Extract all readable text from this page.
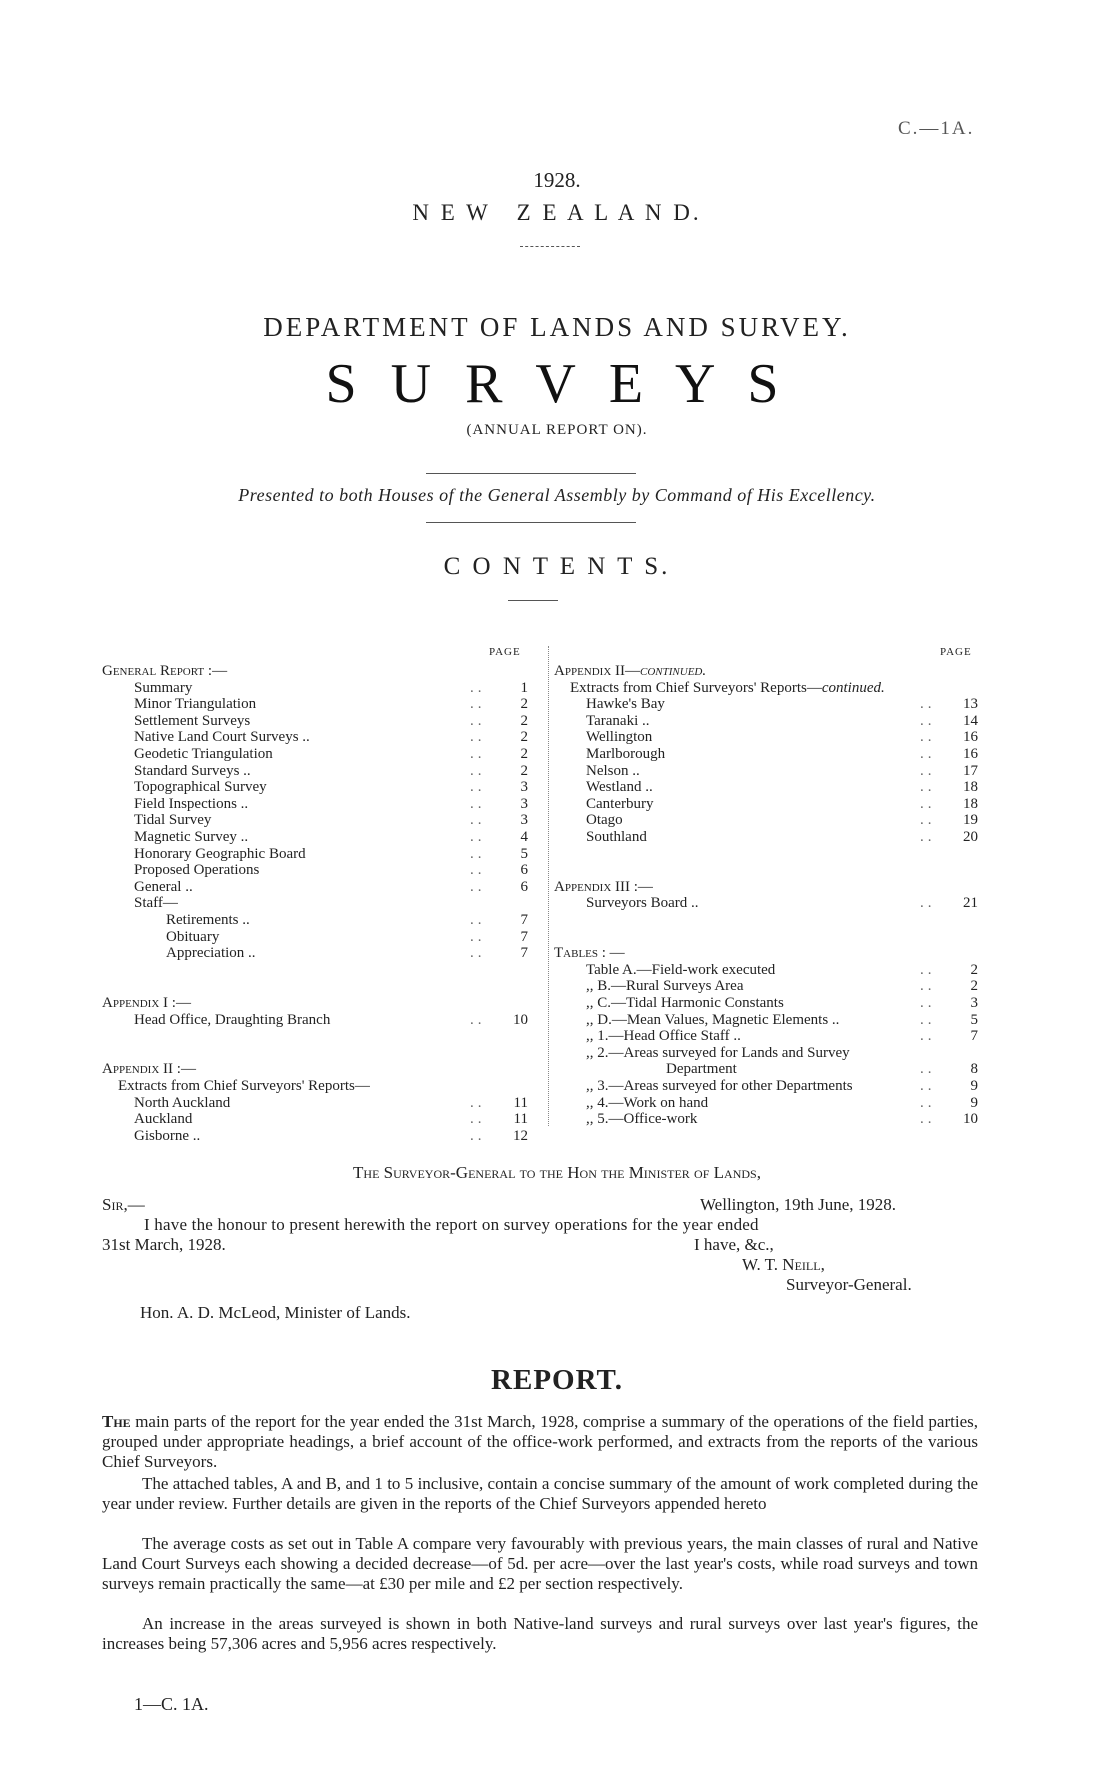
C.—1A.
1928.
N E W   Z E A L A N D.
DEPARTMENT OF LANDS AND SURVEY.
S U R V E Y S
(ANNUAL REPORT ON).
Presented to both Houses of the General Assembly by Command of His Excellency.
C O N T E N T S.
PAGE	PAGE
General Report :—
Summary	..	1
Minor Triangulation	..	2
Settlement Surveys	..	2
Native Land Court Surveys ..	..	2
Geodetic Triangulation	..	2
Standard Surveys ..	..	2
Topographical Survey	..	3
Field Inspections ..	..	3
Tidal Survey	..	3
Magnetic Survey ..	..	4
Honorary Geographic Board	..	5
Proposed Operations	..	6
General ..	..	6
Staff—
Retirements ..	..	7
Obituary	..	7
Appreciation ..	..	7
Appendix I :—
Head Office, Draughting Branch	..	10
Appendix II :—
Extracts from Chief Surveyors' Reports—
North Auckland	..	11
Auckland	..	11
Gisborne ..	..	12
Appendix II—continued.
Extracts from Chief Surveyors' Reports—continued.
Hawke's Bay	..	13
Taranaki ..	..	14
Wellington	..	16
Marlborough	..	16
Nelson ..	..	17
Westland ..	..	18
Canterbury	..	18
Otago	..	19
Southland	..	20
Appendix III :—
Surveyors Board ..	..	21
Tables : —
Table A.—Field-work executed	..	2
,, B.—Rural Surveys Area	..	2
,, C.—Tidal Harmonic Constants	..	3
,, D.—Mean Values, Magnetic Elements ..	..	5
,, 1.—Head Office Staff ..	..	7
,, 2.—Areas surveyed for Lands and Survey
Department	..	8
,, 3.—Areas surveyed for other Departments	..	9
,, 4.—Work on hand	..	9
,, 5.—Office-work	..	10
The Surveyor-General to the Hon the Minister of Lands,
Sir,—	Wellington, 19th June, 1928.
I have the honour to present herewith the report on survey operations for the year ended
31st March, 1928.	I have, &c.,
W. T. Neill,
Surveyor-General.
Hon. A. D. McLeod, Minister of Lands.
REPORT.
The main parts of the report for the year ended the 31st March, 1928, comprise a summary of the operations of the field parties, grouped under appropriate headings, a brief account of the office-work performed, and extracts from the reports of the various Chief Surveyors.
The attached tables, A and B, and 1 to 5 inclusive, contain a concise summary of the amount of work completed during the year under review. Further details are given in the reports of the Chief Surveyors appended hereto
The average costs as set out in Table A compare very favourably with previous years, the main classes of rural and Native Land Court Surveys each showing a decided decrease—of 5d. per acre—over the last year's costs, while road surveys and town surveys remain practically the same—at £30 per mile and £2 per section respectively.
An increase in the areas surveyed is shown in both Native-land surveys and rural surveys over last year's figures, the increases being 57,306 acres and 5,956 acres respectively.
1—C. 1A.
